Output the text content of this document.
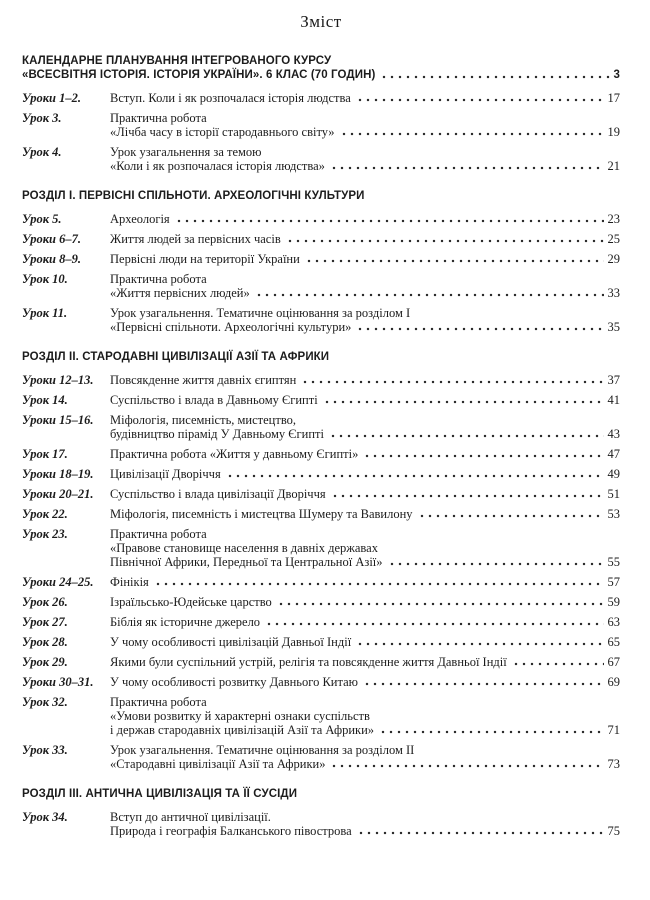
Зміст
КАЛЕНДАРНЕ ПЛАНУВАННЯ ІНТЕГРОВАНОГО КУРСУ
«ВСЕСВІТНЯ ІСТОРІЯ. ІСТОРІЯ УКРАЇНИ». 6 КЛАС (70 ГОДИН)	3
Уроки 1–2.	Вступ. Коли і як розпочалася історія людства	17
Урок 3.	Практична робота
«Лічба часу в історії стародавнього світу»	19
Урок 4.	Урок узагальнення за темою
«Коли і як розпочалася історія людства»	21
РОЗДІЛ І. ПЕРВІСНІ СПІЛЬНОТИ. АРХЕОЛОГІЧНІ КУЛЬТУРИ
Урок 5.	Археологія	23
Уроки 6–7.	Життя людей за первісних часів	25
Уроки 8–9.	Первісні люди на території України	29
Урок 10.	Практична робота
«Життя первісних людей»	33
Урок 11.	Урок узагальнення. Тематичне оцінювання за розділом І
«Первісні спільноти. Археологічні культури»	35
РОЗДІЛ ІІ. СТАРОДАВНІ ЦИВІЛІЗАЦІЇ АЗІЇ ТА АФРИКИ
Уроки 12–13.	Повсякденне життя давніх єгиптян	37
Урок 14.	Суспільство і влада в Давньому Єгипті	41
Уроки 15–16.	Міфологія, писемність, мистецтво,
будівництво пірамід У Давньому Єгипті	43
Урок 17.	Практична робота «Життя у давньому Єгипті»	47
Уроки 18–19.	Цивілізації Дворіччя	49
Уроки 20–21.	Суспільство і влада цивілізації Дворіччя	51
Урок 22.	Міфологія, писемність і мистецтва Шумеру та Вавилону	53
Урок 23.	Практична робота
«Правове становище населення в давніх державах
Північної Африки, Передньої та Центральної Азії»	55
Уроки 24–25.	Фінікія	57
Урок 26.	Ізраїльсько-Юдейське царство	59
Урок 27.	Біблія як історичне джерело	63
Урок 28.	У чому особливості цивілізацій Давньої Індії	65
Урок 29.	Якими були суспільний устрій, релігія та повсякденне життя Давньої Індії	67
Уроки 30–31.	У чому особливості розвитку Давнього Китаю	69
Урок 32.	Практична робота
«Умови розвитку й характерні ознаки суспільств
і держав стародавніх цивілізацій Азії та Африки»	71
Урок 33.	Урок узагальнення. Тематичне оцінювання за розділом ІІ
«Стародавні цивілізації Азії та Африки»	73
РОЗДІЛ ІІІ. АНТИЧНА ЦИВІЛІЗАЦІЯ ТА ЇЇ СУСІДИ
Урок 34.	Вступ до античної цивілізації.
Природа і географія Балканського півострова	75
